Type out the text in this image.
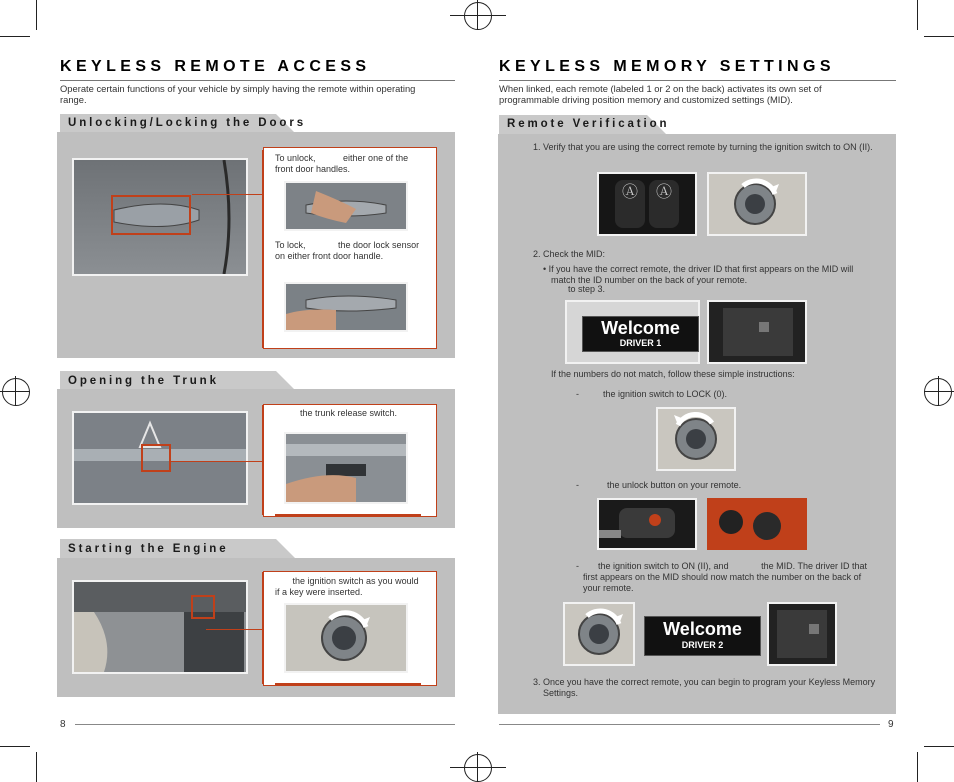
KEYLESS REMOTE ACCESS
Operate certain functions of your vehicle by simply having the remote within operating range.
Unlocking/Locking the Doors
To unlock,	either one of the front door handles.
To lock,	the door lock sensor on either front door handle.
Opening the Trunk
the trunk release switch.
Starting the Engine
the ignition switch as you would if a key were inserted.
8
KEYLESS MEMORY SETTINGS
When linked, each remote (labeled 1 or 2 on the back) activates its own set of programmable driving position memory and customized settings (MID).
Remote Verification
1. Verify that you are using the correct remote by turning the ignition switch to ON (II).
Ⓐ	Ⓐ
2. Check the MID:
• If you have the correct remote, the driver ID that first appears on the MID will match the ID number on the back of your remote.
to step 3.
Welcome
DRIVER 1
If the numbers do not match, follow these simple instructions:
-	the ignition switch to LOCK (0).
-	the unlock button on your remote.
-	the ignition switch to ON (II), and	the MID. The driver ID that first appears on the MID should now match the number on the back of your remote.
Welcome
DRIVER 2
3. Once you have the correct remote, you can begin to program your Keyless Memory Settings.
9
